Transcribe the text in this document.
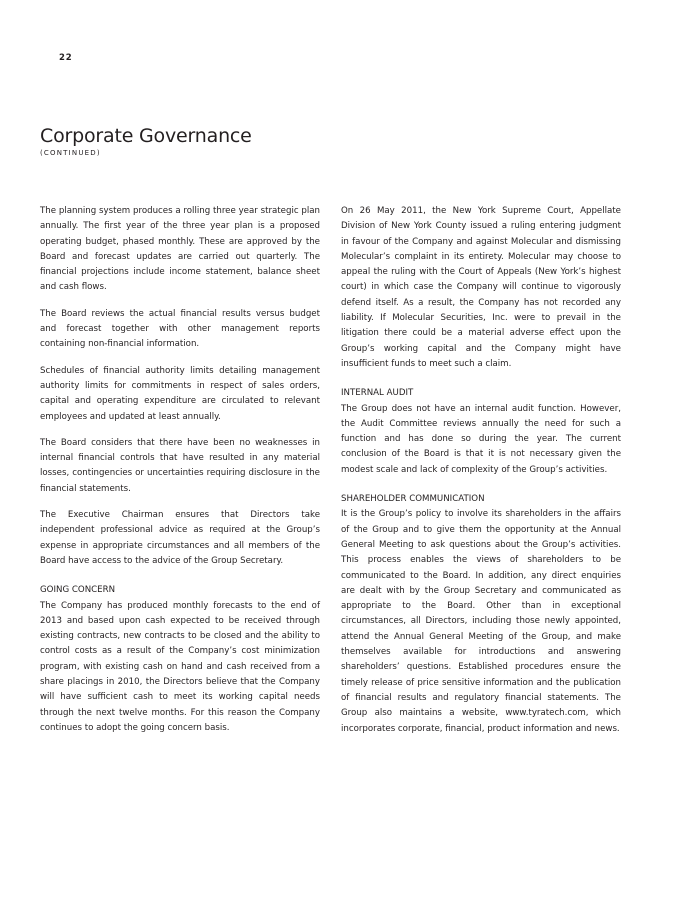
22
Corporate Governance
(CONTINUED)

The planning system produces a rolling three year strategic plan annually. The first year of the three year plan is a proposed operating budget, phased monthly. These are approved by the Board and forecast updates are carried out quarterly. The financial projections include income statement, balance sheet and cash flows.

The Board reviews the actual financial results versus budget and forecast together with other management reports containing non-financial information.

Schedules of financial authority limits detailing management authority limits for commitments in respect of sales orders, capital and operating expenditure are circulated to relevant employees and updated at least annually.

The Board considers that there have been no weaknesses in internal financial controls that have resulted in any material losses, contingencies or uncertainties requiring disclosure in the financial statements.

The Executive Chairman ensures that Directors take independent professional advice as required at the Group’s expense in appropriate circumstances and all members of the Board have access to the advice of the Group Secretary.

GOING CONCERN

The Company has produced monthly forecasts to the end of 2013 and based upon cash expected to be received through existing contracts, new contracts to be closed and the ability to control costs as a result of the Company’s cost minimization program, with existing cash on hand and cash received from a share placings in 2010, the Directors believe that the Company will have sufficient cash to meet its working capital needs through the next twelve months. For this reason the Company continues to adopt the going concern basis.

On 26 May 2011, the New York Supreme Court, Appellate Division of New York County issued a ruling entering judgment in favour of the Company and against Molecular and dismissing Molecular’s complaint in its entirety. Molecular may choose to appeal the ruling with the Court of Appeals (New York’s highest court) in which case the Company will continue to vigorously defend itself. As a result, the Company has not recorded any liability. If Molecular Securities, Inc. were to prevail in the litigation there could be a material adverse effect upon the Group’s working capital and the Company might have insufficient funds to meet such a claim.

INTERNAL AUDIT

The Group does not have an internal audit function. However, the Audit Committee reviews annually the need for such a function and has done so during the year. The current conclusion of the Board is that it is not necessary given the modest scale and lack of complexity of the Group’s activities.

SHAREHOLDER COMMUNICATION

It is the Group’s policy to involve its shareholders in the affairs of the Group and to give them the opportunity at the Annual General Meeting to ask questions about the Group’s activities. This process enables the views of shareholders to be communicated to the Board. In addition, any direct enquiries are dealt with by the Group Secretary and communicated as appropriate to the Board. Other than in exceptional circumstances, all Directors, including those newly appointed, attend the Annual General Meeting of the Group, and make themselves available for introductions and answering shareholders’ questions. Established procedures ensure the timely release of price sensitive information and the publication of financial results and regulatory financial statements. The Group also maintains a website, www.tyratech.com, which incorporates corporate, financial, product information and news.
